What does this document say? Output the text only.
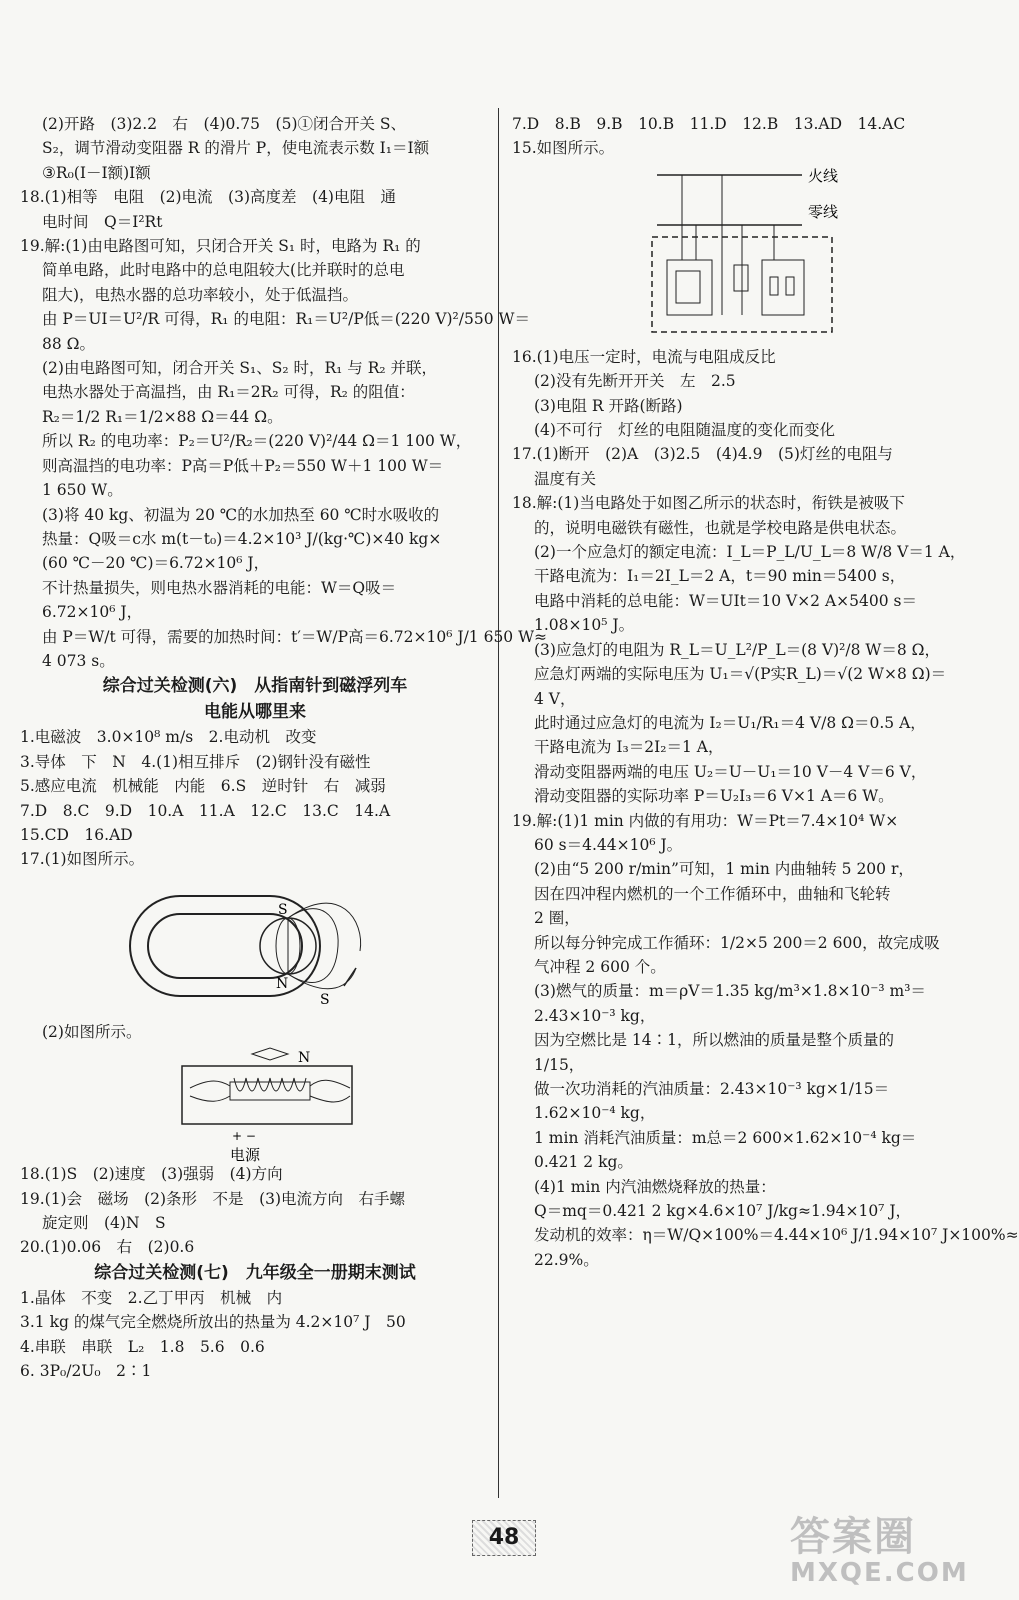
(2)开路　(3)2.2　右　(4)0.75　(5)①闭合开关 S、
S₂，调节滑动变阻器 R 的滑片 P，使电流表示数 I₁＝I额
③R₀(I－I额)I额
18.(1)相等　电阻　(2)电流　(3)高度差　(4)电阻　通
电时间　Q＝I²Rt
19.解:(1)由电路图可知，只闭合开关 S₁ 时，电路为 R₁ 的
简单电路，此时电路中的总电阻较大(比并联时的总电
阻大)，电热水器的总功率较小，处于低温挡。
由 P＝UI＝U²/R 可得，R₁ 的电阻：R₁＝U²/P低＝(220 V)²/550 W＝
88 Ω。
(2)由电路图可知，闭合开关 S₁、S₂ 时，R₁ 与 R₂ 并联，
电热水器处于高温挡，由 R₁＝2R₂ 可得，R₂ 的阻值：
R₂＝1/2 R₁＝1/2×88 Ω＝44 Ω。
所以 R₂ 的电功率：P₂＝U²/R₂＝(220 V)²/44 Ω＝1 100 W，
则高温挡的电功率：P高＝P低＋P₂＝550 W＋1 100 W＝
1 650 W。
(3)将 40 kg、初温为 20 ℃的水加热至 60 ℃时水吸收的
热量：Q吸＝c水 m(t－t₀)＝4.2×10³ J/(kg·℃)×40 kg×
(60 ℃－20 ℃)＝6.72×10⁶ J，
不计热量损失，则电热水器消耗的电能：W＝Q吸＝
6.72×10⁶ J，
由 P＝W/t 可得，需要的加热时间：t′＝W/P高＝6.72×10⁶ J/1 650 W≈
4 073 s。
综合过关检测(六)　从指南针到磁浮列车
电能从哪里来
1.电磁波　3.0×10⁸ m/s　2.电动机　改变
3.导体　下　N　4.(1)相互排斥　(2)钢针没有磁性
5.感应电流　机械能　内能　6.S　逆时针　右　减弱
7.D　8.C　9.D　10.A　11.A　12.C　13.C　14.A
15.CD　16.AD
17.(1)如图所示。
S
N
S
(2)如图所示。
N
+ −
电源
18.(1)S　(2)速度　(3)强弱　(4)方向
19.(1)会　磁场　(2)条形　不是　(3)电流方向　右手螺
旋定则　(4)N　S
20.(1)0.06　右　(2)0.6
综合过关检测(七)　九年级全一册期末测试
1.晶体　不变　2.乙丁甲丙　机械　内
3.1 kg 的煤气完全燃烧所放出的热量为 4.2×10⁷ J　50
4.串联　串联　L₂　1.8　5.6　0.6
6. 3P₀/2U₀　2∶1
7.D　8.B　9.B　10.B　11.D　12.B　13.AD　14.AC
15.如图所示。
火线
零线
16.(1)电压一定时，电流与电阻成反比
(2)没有先断开开关　左　2.5
(3)电阻 R 开路(断路)
(4)不可行　灯丝的电阻随温度的变化而变化
17.(1)断开　(2)A　(3)2.5　(4)4.9　(5)灯丝的电阻与
温度有关
18.解:(1)当电路处于如图乙所示的状态时，衔铁是被吸下
的，说明电磁铁有磁性，也就是学校电路是供电状态。
(2)一个应急灯的额定电流：I_L＝P_L/U_L＝8 W/8 V＝1 A，
干路电流为：I₁＝2I_L＝2 A，t＝90 min＝5400 s，
电路中消耗的总电能：W＝UIt＝10 V×2 A×5400 s＝
1.08×10⁵ J。
(3)应急灯的电阻为 R_L＝U_L²/P_L＝(8 V)²/8 W＝8 Ω，
应急灯两端的实际电压为 U₁＝√(P实R_L)＝√(2 W×8 Ω)＝
4 V，
此时通过应急灯的电流为 I₂＝U₁/R₁＝4 V/8 Ω＝0.5 A，
干路电流为 I₃＝2I₂＝1 A，
滑动变阻器两端的电压 U₂＝U－U₁＝10 V－4 V＝6 V，
滑动变阻器的实际功率 P＝U₂I₃＝6 V×1 A＝6 W。
19.解:(1)1 min 内做的有用功：W＝Pt＝7.4×10⁴ W×
60 s＝4.44×10⁶ J。
(2)由“5 200 r/min”可知，1 min 内曲轴转 5 200 r，
因在四冲程内燃机的一个工作循环中，曲轴和飞轮转
2 圈，
所以每分钟完成工作循环：1/2×5 200＝2 600，故完成吸
气冲程 2 600 个。
(3)燃气的质量：m＝ρV＝1.35 kg/m³×1.8×10⁻³ m³＝
2.43×10⁻³ kg，
因为空燃比是 14∶1，所以燃油的质量是整个质量的
1/15，
做一次功消耗的汽油质量：2.43×10⁻³ kg×1/15＝
1.62×10⁻⁴ kg，
1 min 消耗汽油质量：m总＝2 600×1.62×10⁻⁴ kg＝
0.421 2 kg。
(4)1 min 内汽油燃烧释放的热量：
Q＝mq＝0.421 2 kg×4.6×10⁷ J/kg≈1.94×10⁷ J，
发动机的效率：η＝W/Q×100%＝4.44×10⁶ J/1.94×10⁷ J×100%≈
22.9%。
48	答案圈
MXQE.COM
